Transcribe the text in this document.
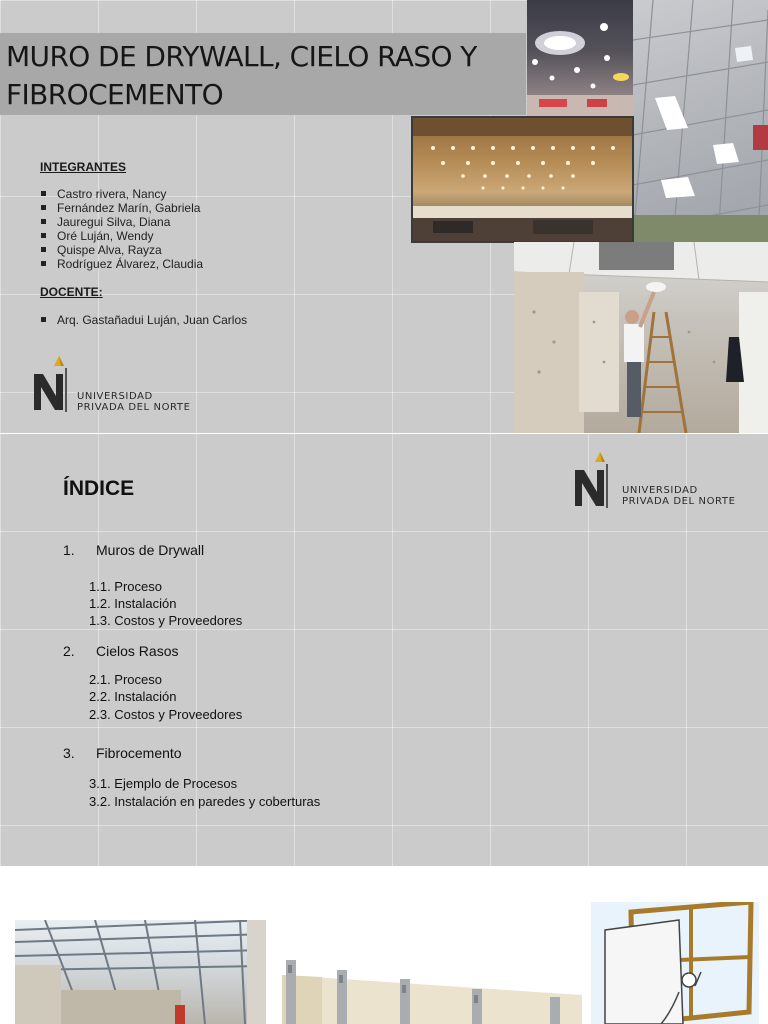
MURO DE DRYWALL, CIELO RASO Y FIBROCEMENTO
INTEGRANTES
Castro rivera, Nancy
Fernández Marín, Gabriela
Jauregui Silva, Diana
Oré Luján, Wendy
Quispe Alva, Rayza
Rodríguez Álvarez, Claudia
DOCENTE:
Arq. Gastañadui Luján, Juan Carlos
UNIVERSIDAD
PRIVADA DEL NORTE
UNIVERSIDAD
PRIVADA DEL NORTE
ÍNDICE
1. Muros de Drywall
1.1. Proceso
1.2. Instalación
1.3. Costos y Proveedores
2. Cielos Rasos
2.1. Proceso
2.2. Instalación
2.3. Costos y Proveedores
3. Fibrocemento
3.1. Ejemplo de Procesos
3.2. Instalación en paredes y coberturas
